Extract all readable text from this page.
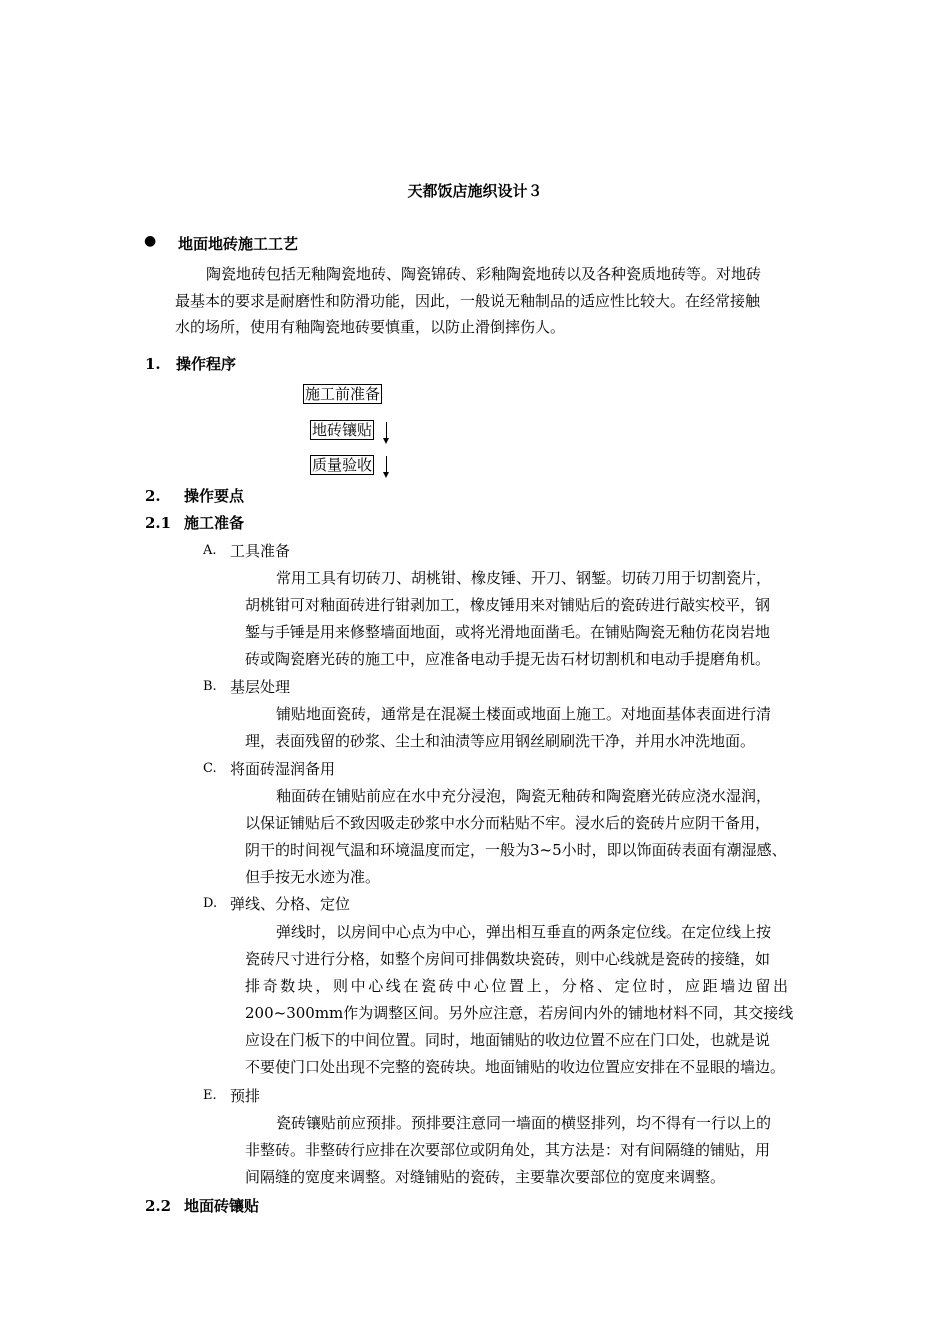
天都饭店施织设计３
● 地面地砖施工工艺
陶瓷地砖包括无釉陶瓷地砖、陶瓷锦砖、彩釉陶瓷地砖以及各种瓷质地砖等。对地砖
最基本的要求是耐磨性和防滑功能，因此，一般说无釉制品的适应性比较大。在经常接触
水的场所，使用有釉陶瓷地砖要慎重，以防止滑倒摔伤人。
1. 操作程序
施工前准备
地砖镶贴
质量验收
2. 操作要点
2.1 施工准备
A. 工具准备
常用工具有切砖刀、胡桃钳、橡皮锤、开刀、钢錾。切砖刀用于切割瓷片，
胡桃钳可对釉面砖进行钳剥加工，橡皮锤用来对铺贴后的瓷砖进行敲实校平，钢
錾与手锤是用来修整墙面地面，或将光滑地面凿毛。在铺贴陶瓷无釉仿花岗岩地
砖或陶瓷磨光砖的施工中，应准备电动手提无齿石材切割机和电动手提磨角机。
B. 基层处理
铺贴地面瓷砖，通常是在混凝土楼面或地面上施工。对地面基体表面进行清
理，表面残留的砂浆、尘土和油渍等应用钢丝刷刷洗干净，并用水冲洗地面。
C. 将面砖湿润备用
釉面砖在铺贴前应在水中充分浸泡，陶瓷无釉砖和陶瓷磨光砖应浇水湿润，
以保证铺贴后不致因吸走砂浆中水分而粘贴不牢。浸水后的瓷砖片应阴干备用，
阴干的时间视气温和环境温度而定，一般为3~5小时，即以饰面砖表面有潮湿感、
但手按无水迹为准。
D. 弹线、分格、定位
弹线时，以房间中心点为中心，弹出相互垂直的两条定位线。在定位线上按
瓷砖尺寸进行分格，如整个房间可排偶数块瓷砖，则中心线就是瓷砖的接缝，如
排奇数块，则中心线在瓷砖中心位置上，分格、定位时，应距墙边留出
200~300mm作为调整区间。另外应注意，若房间内外的铺地材料不同，其交接线
应设在门板下的中间位置。同时，地面铺贴的收边位置不应在门口处，也就是说
不要使门口处出现不完整的瓷砖块。地面铺贴的收边位置应安排在不显眼的墙边。
E. 预排
瓷砖镶贴前应预排。预排要注意同一墙面的横竖排列，均不得有一行以上的
非整砖。非整砖行应排在次要部位或阴角处，其方法是：对有间隔缝的铺贴，用
间隔缝的宽度来调整。对缝铺贴的瓷砖，主要靠次要部位的宽度来调整。
2.2 地面砖镶贴
